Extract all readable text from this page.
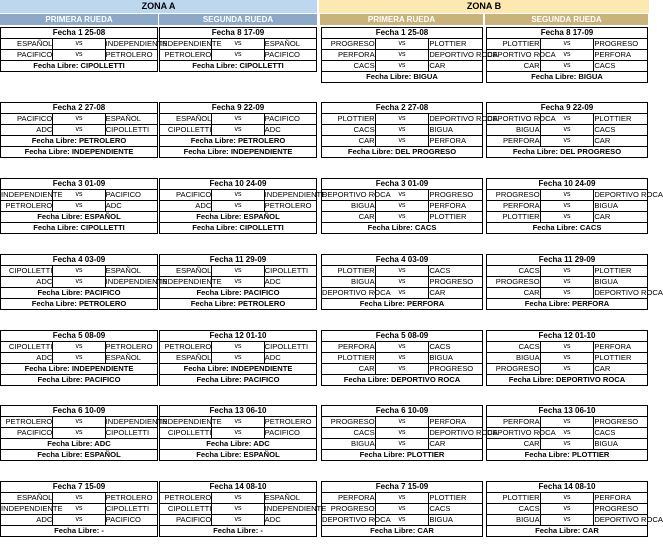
ZONA A	ZONA B
PRIMERA RUEDA	SEGUNDA RUEDA	PRIMERA RUEDA	SEGUNDA RUEDA
Fecha 1 25-08		
ESPAÑOL	vs	INDEPENDIENTE
PACIFICO	vs	PETROLERO
Fecha Libre: CIPOLLETTI		
Fecha 8 17-09		
INDEPENDIENTE	vs	ESPAÑOL
PETROLERO	vs	PACIFICO
Fecha Libre: CIPOLLETTI		
Fecha 1 25-08		
PROGRESO	vs	PLOTTIER
PERFORA	vs	DEPORTIVO ROCA
CACS	vs	CAR
Fecha Libre: BIGUA		
Fecha 8 17-09		
PLOTTIER	vs	PROGRESO
DEPORTIVO ROCA	vs	PERFORA
CAR	vs	CACS
Fecha Libre: BIGUA		
Fecha 2 27-08		
PACIFICO	vs	ESPAÑOL
ADC	vs	CIPOLLETTI
Fecha Libre: PETROLERO		
Fecha Libre: INDEPENDIENTE		
Fecha 9 22-09		
ESPAÑOL	vs	PACIFICO
CIPOLLETTI	vs	ADC
Fecha Libre: PETROLERO		
Fecha Libre: INDEPENDIENTE		
Fecha 2 27-08		
PLOTTIER	vs	DEPORTIVO ROCA
CACS	vs	BIGUA
CAR	vs	PERFORA
Fecha Libre: DEL PROGRESO		
Fecha 9 22-09		
DEPORTIVO ROCA	vs	PLOTTIER
BIGUA	vs	CACS
PERFORA	vs	CAR
Fecha Libre: DEL PROGRESO		
Fecha 3 01-09		
INDEPENDIENTE	vs	PACIFICO
PETROLERO	vs	ADC
Fecha Libre: ESPAÑOL		
Fecha Libre: CIPOLLETTI		
Fecha 10 24-09		
PACIFICO	vs	INDEPENDIENTE
ADC	vs	PETROLERO
Fecha Libre: ESPAÑOL		
Fecha Libre: CIPOLLETTI		
Fecha 3 01-09		
DEPORTIVO ROCA	vs	PROGRESO
BIGUA	vs	PERFORA
CAR	vs	PLOTTIER
Fecha Libre: CACS		
Fecha 10 24-09		
PROGRESO	vs	DEPORTIVO ROCA
PERFORA	vs	BIGUA
PLOTTIER	vs	CAR
Fecha Libre: CACS		
Fecha 4 03-09		
CIPOLLETTI	vs	ESPAÑOL
ADC	vs	INDEPENDIENTE
Fecha Libre: PACIFICO		
Fecha Libre: PETROLERO		
Fecha 11 29-09		
ESPAÑOL	vs	CIPOLLETTI
INDEPENDIENTE	vs	ADC
Fecha Libre: PACIFICO		
Fecha Libre: PETROLERO		
Fecha 4 03-09		
PLOTTIER	vs	CACS
BIGUA	vs	PROGRESO
DEPORTIVO ROCA	vs	CAR
Fecha Libre: PERFORA		
Fecha 11 29-09		
CACS	vs	PLOTTIER
PROGRESO	vs	BIGUA
CAR	vs	DEPORTIVO ROCA
Fecha Libre: PERFORA		
Fecha 5 08-09		
CIPOLLETTI	vs	PETROLERO
ADC	vs	ESPAÑOL
Fecha Libre: INDEPENDIENTE		
Fecha Libre: PACIFICO		
Fecha 12 01-10		
PETROLERO	vs	CIPOLLETTI
ESPAÑOL	vs	ADC
Fecha Libre: INDEPENDIENTE		
Fecha Libre: PACIFICO		
Fecha 5 08-09		
PERFORA	vs	CACS
PLOTTIER	vs	BIGUA
CAR	vs	PROGRESO
Fecha Libre: DEPORTIVO ROCA		
Fecha 12 01-10		
CACS	vs	PERFORA
BIGUA	vs	PLOTTIER
PROGRESO	vs	CAR
Fecha Libre: DEPORTIVO ROCA		
Fecha 6 10-09		
PETROLERO	vs	INDEPENDIENTE
PACIFICO	vs	CIPOLLETTI
Fecha Libre: ADC		
Fecha Libre: ESPAÑOL		
Fecha 13 06-10		
INDEPENDIENTE	vs	PETROLERO
CIPOLLETTI	vs	PACIFICO
Fecha Libre: ADC		
Fecha Libre: ESPAÑOL		
Fecha 6 10-09		
PROGRESO	vs	PERFORA
CACS	vs	DEPORTIVO ROCA
BIGUA	vs	CAR
Fecha Libre: PLOTTIER		
Fecha 13 06-10		
PERFORA	vs	PROGRESO
DEPORTIVO ROCA	vs	CACS
CAR	vs	BIGUA
Fecha Libre: PLOTTIER		
Fecha 7 15-09		
ESPAÑOL	vs	PETROLERO
INDEPENDIENTE	vs	CIPOLLETTI
ADC	vs	PACIFICO
Fecha Libre: -		
Fecha 14 08-10		
PETROLERO	vs	ESPAÑOL
CIPOLLETTI	vs	INDEPENDIENTE
PACIFICO	vs	ADC
Fecha Libre: -		
Fecha 7 15-09		
PERFORA	vs	PLOTTIER
PROGRESO	vs	CACS
DEPORTIVO ROCA	vs	BIGUA
Fecha Libre: CAR		
Fecha 14 08-10		
PLOTTIER	vs	PERFORA
CACS	vs	PROGRESO
BIGUA	vs	DEPORTIVO ROCA
Fecha Libre: CAR		
